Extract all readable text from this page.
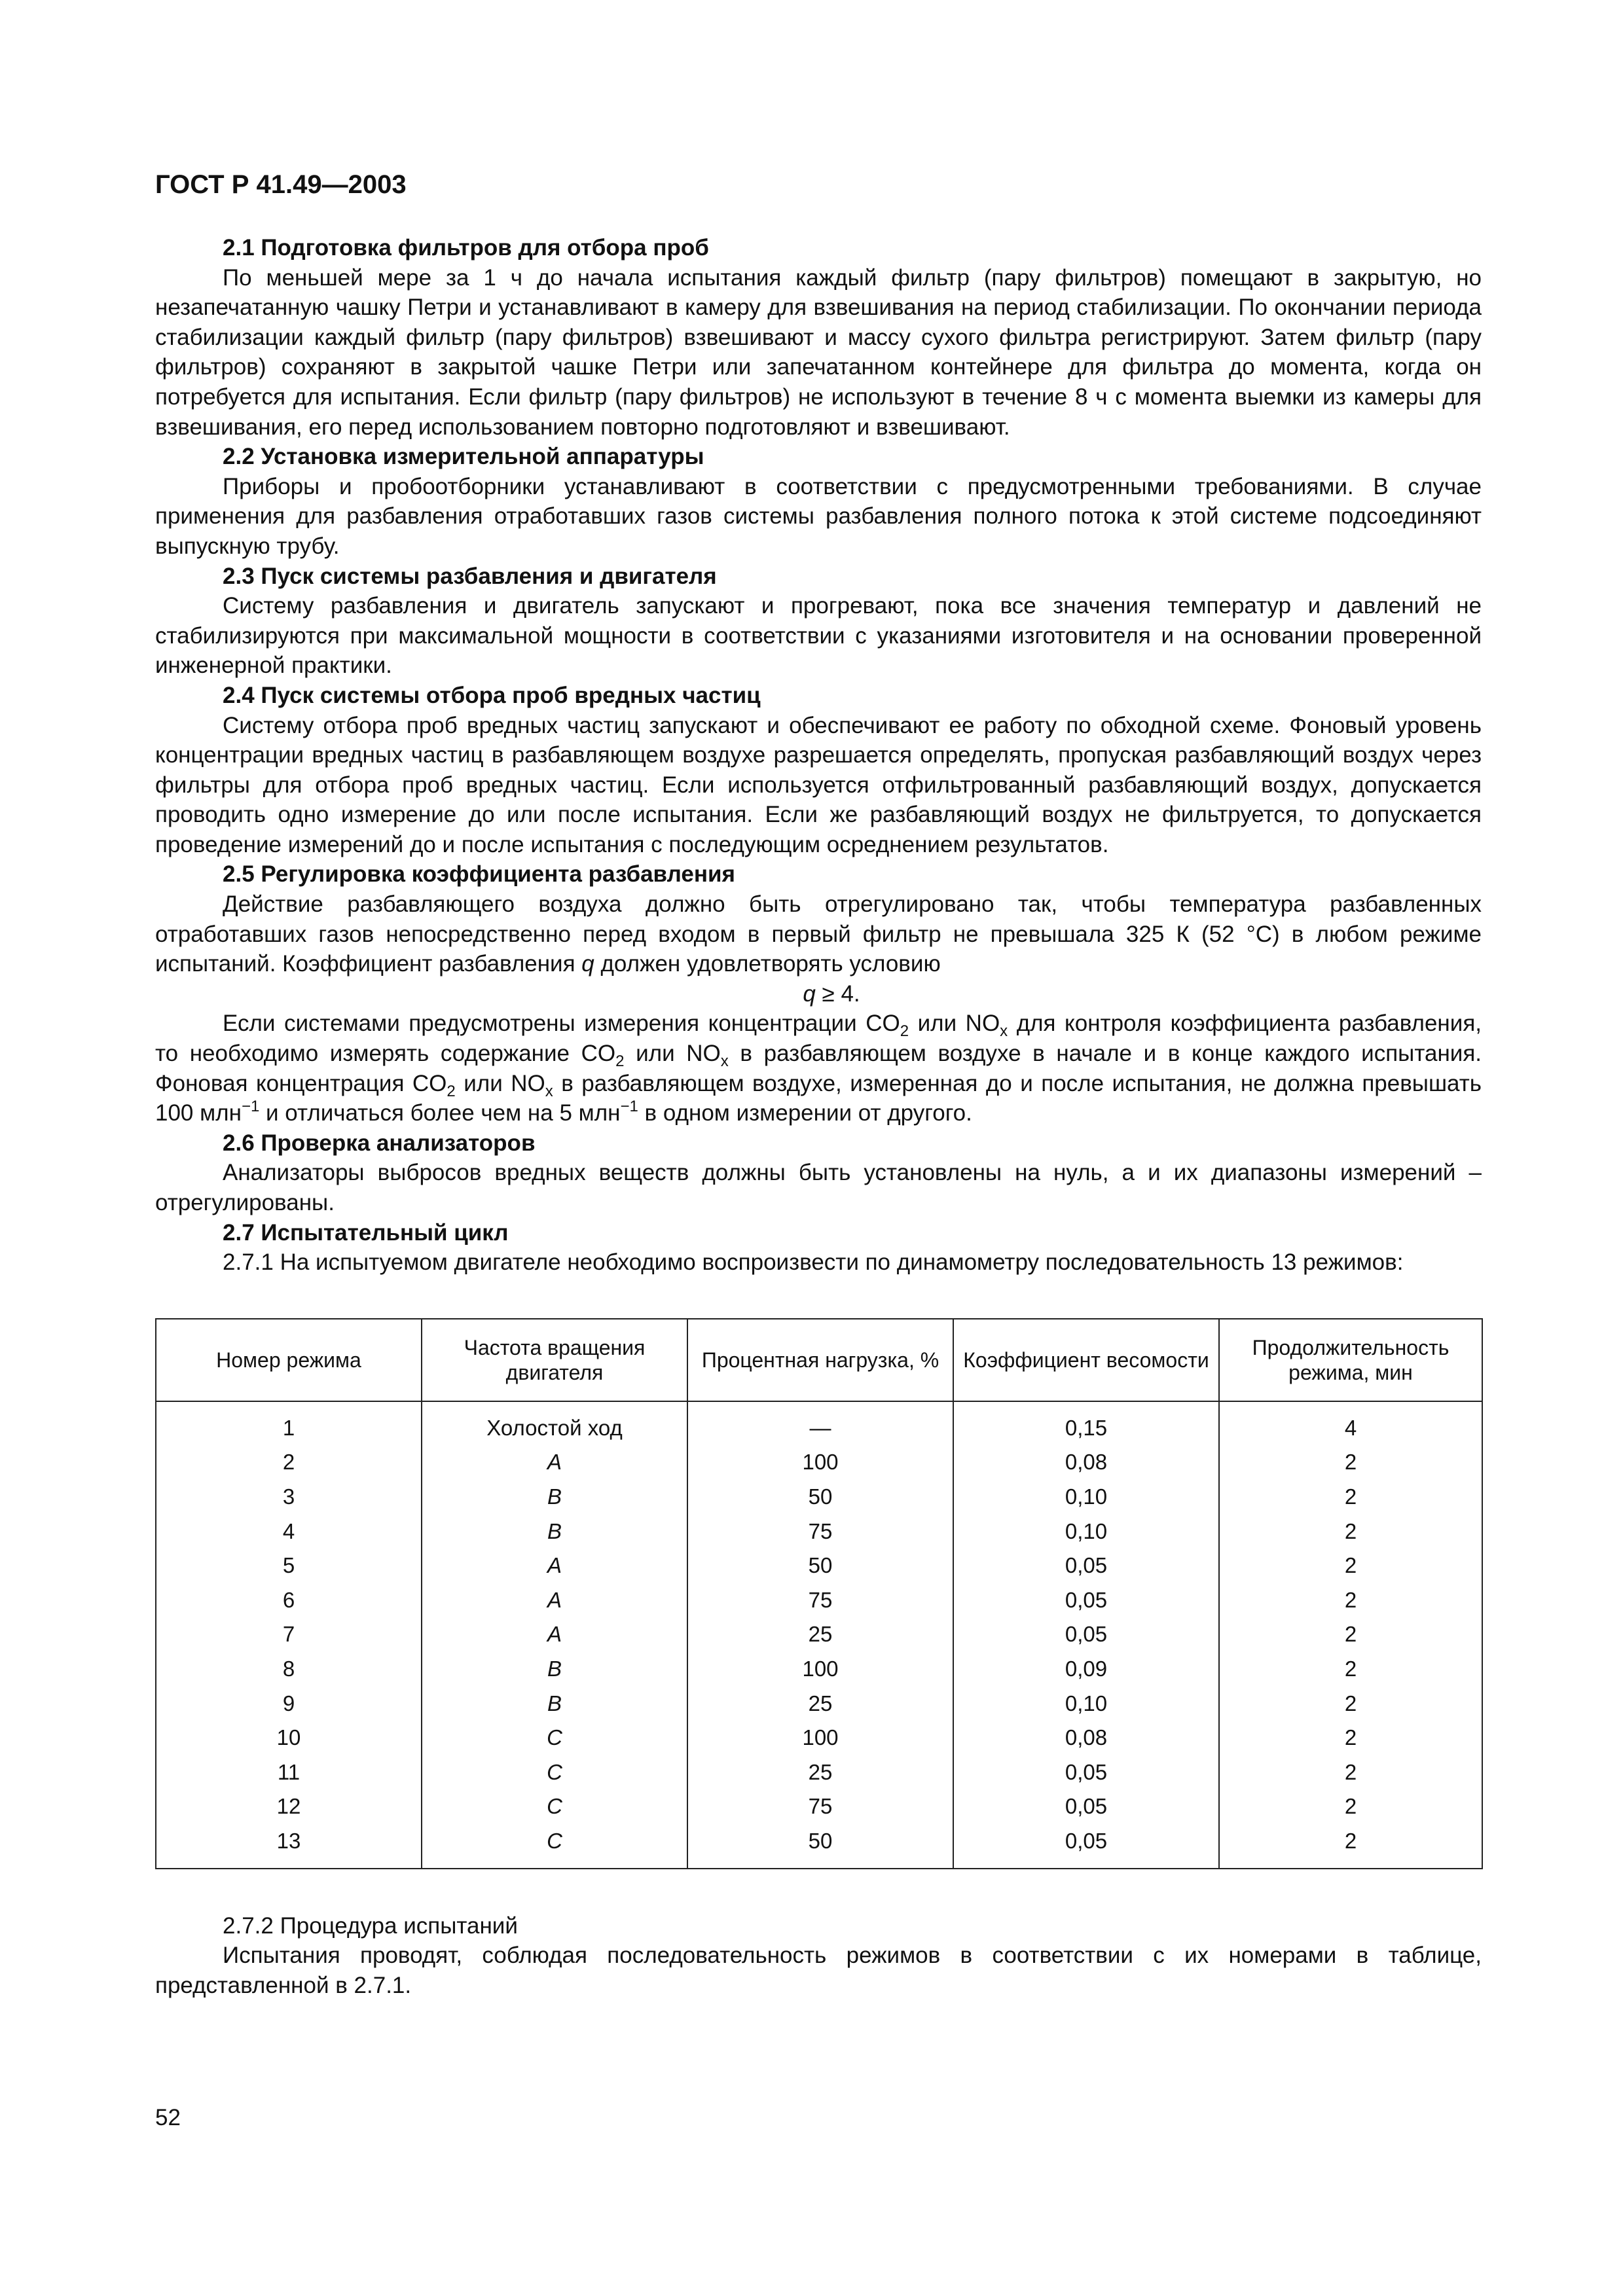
ГОСТ Р 41.49—2003
2.1 Подготовка фильтров для отбора проб

По меньшей мере за 1 ч до начала испытания каждый фильтр (пару фильтров) помещают в закрытую, но незапечатанную чашку Петри и устанавливают в камеру для взвешивания на период стабилизации. По окончании периода стабилизации каждый фильтр (пару фильтров) взвешивают и массу сухого фильтра регистрируют. Затем фильтр (пару фильтров) сохраняют в закрытой чашке Петри или запечатанном контейнере для фильтра до момента, когда он потребуется для испытания. Если фильтр (пару фильтров) не используют в течение 8 ч с момента выемки из камеры для взвешивания, его перед использованием повторно подготовляют и взвешивают.

2.2 Установка измерительной аппаратуры

Приборы и пробоотборники устанавливают в соответствии с предусмотренными требованиями. В случае применения для разбавления отработавших газов системы разбавления полного потока к этой системе подсоединяют выпускную трубу.

2.3 Пуск системы разбавления и двигателя

Систему разбавления и двигатель запускают и прогревают, пока все значения температур и давлений не стабилизируются при максимальной мощности в соответствии с указаниями изготовителя и на основании проверенной инженерной практики.

2.4 Пуск системы отбора проб вредных частиц

Систему отбора проб вредных частиц запускают и обеспечивают ее работу по обходной схеме. Фоновый уровень концентрации вредных частиц в разбавляющем воздухе разрешается определять, пропуская разбавляющий воздух через фильтры для отбора проб вредных частиц. Если используется отфильтрованный разбавляющий воздух, допускается проводить одно измерение до или после испытания. Если же разбавляющий воздух не фильтруется, то допускается проведение измерений до и после испытания с последующим осреднением результатов.

2.5 Регулировка коэффициента разбавления

Действие разбавляющего воздуха должно быть отрегулировано так, чтобы температура разбавленных отработавших газов непосредственно перед входом в первый фильтр не превышала 325 К (52 °С) в любом режиме испытаний. Коэффициент разбавления q должен удовлетворять условию

q ≥ 4.

Если системами предусмотрены измерения концентрации $CO_2$ или $NO_x$ для контроля коэффициента разбавления, то необходимо измерять содержание $CO_2$ или $NO_x$ в разбавляющем воздухе в начале и в конце каждого испытания. Фоновая концентрация $CO_2$ или $NO_x$ в разбавляющем воздухе, измеренная до и после испытания, не должна превышать 100 млн$^{-1}$ и отличаться более чем на 5 млн$^{-1}$ в одном измерении от другого.

2.6 Проверка анализаторов

Анализаторы выбросов вредных веществ должны быть установлены на нуль, а и их диапазоны измерений – отрегулированы.

2.7 Испытательный цикл

2.7.1 На испытуемом двигателе необходимо воспроизвести по динамометру последовательность 13 режимов:

Номер режима	Частота вращения двигателя	Процентная нагрузка, %	Коэффициент весомости	Продолжительность режима, мин
1	Холостой ход	—	0,15	4
2	A	100	0,08	2
3	B	50	0,10	2
4	B	75	0,10	2
5	A	50	0,05	2
6	A	75	0,05	2
7	A	25	0,05	2
8	B	100	0,09	2
9	B	25	0,10	2
10	C	100	0,08	2
11	C	25	0,05	2
12	C	75	0,05	2
13	C	50	0,05	2

2.7.2 Процедура испытаний

Испытания проводят, соблюдая последовательность режимов в соответствии с их номерами в таблице, представленной в 2.7.1.

52
